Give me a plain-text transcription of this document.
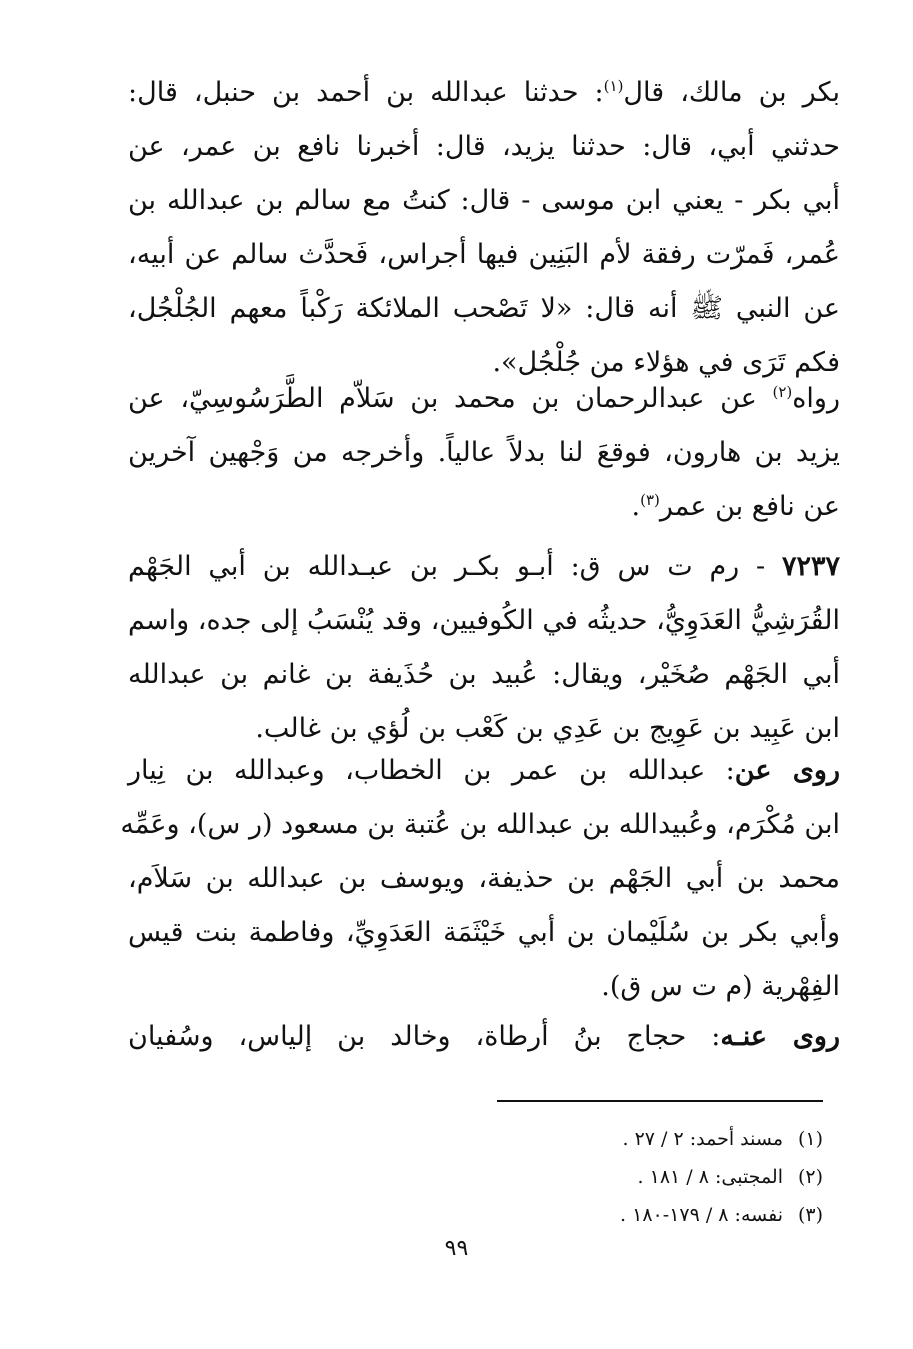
بكر بن مالك، قال$^{(١)}$: حدثنا عبدالله بن أحمد بن حنبل، قال:
حدثني أبي، قال: حدثنا يزيد، قال: أخبرنا نافع بن عمر، عن
أبي بكر - يعني ابن موسى - قال: كنتُ مع سالم بن عبدالله بن
عُمر، فَمرّت رفقة لأم البَنِين فيها أجراس، فَحدَّث سالم عن أبيه،
عن النبي ﷺ أنه قال: «لا تَصْحب الملائكة رَكْباً معهم الجُلْجُل،
فكم تَرَى في هؤلاء من جُلْجُل».
رواه$^{(٢)}$ عن عبدالرحمان بن محمد بن سَلاّم الطَّرَسُوسِيّ، عن
يزيد بن هارون، فوقعَ لنا بدلاً عالياً. وأخرجه من وَجْهين آخرين
عن نافع بن عمر$^{(٣)}$.
٧٢٣٧ - رم ت س ق: أبـو بكـر بن عبـدالله بن أبي الجَهْم
القُرَشِيُّ العَدَوِيُّ، حديثُه في الكُوفيين، وقد يُنْسَبُ إلى جده، واسم
أبي الجَهْم صُخَيْر، ويقال: عُبيد بن حُذَيفة بن غانم بن عبدالله
ابن عَبِيد بن عَوِيج بن عَدِي بن كَعْب بن لُؤي بن غالب.
روى عن: عبدالله بن عمر بن الخطاب، وعبدالله بن نِيار
ابن مُكْرَم، وعُبيدالله بن عبدالله بن عُتبة بن مسعود (ر س)، وعَمِّه
محمد بن أبي الجَهْم بن حذيفة، ويوسف بن عبدالله بن سَلاَم،
وأبي بكر بن سُلَيْمان بن أبي خَيْثَمَة العَدَوِيِّ، وفاطمة بنت قيس
الفِهْرية (م ت س ق).
روى عنـه: حجاج بنُ أرطاة، وخالد بن إلياس، وسُفيان
(١)مسند أحمد: ٢ / ٢٧ .
(٢)المجتبى: ٨ / ١٨١ .
(٣)نفسه: ٨ / ١٧٩-١٨٠ .
٩٩
